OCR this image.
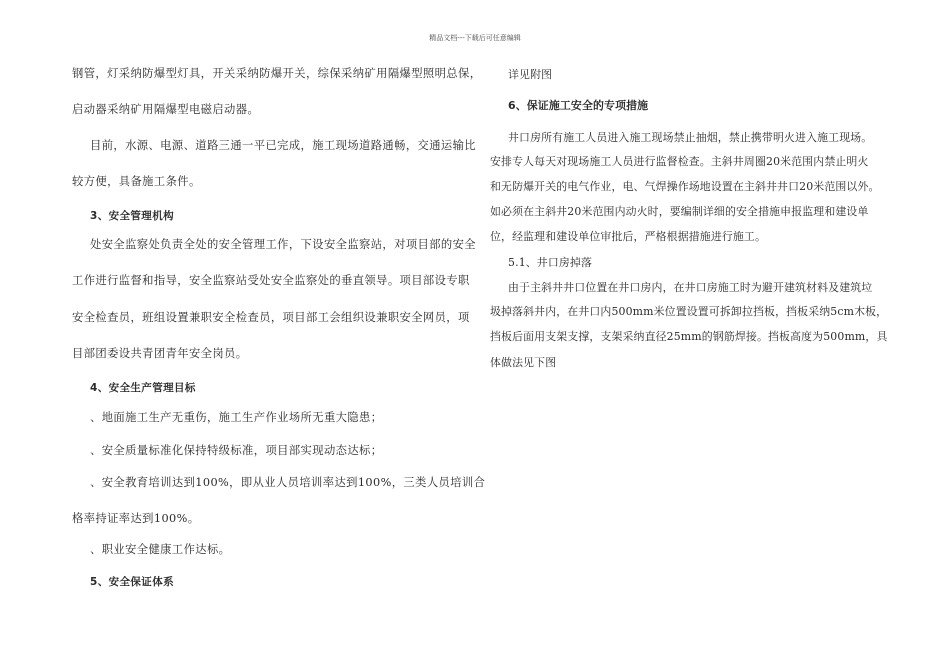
精品文档---下载后可任意编辑
钢管，灯采纳防爆型灯具，开关采纳防爆开关，综保采纳矿用隔爆型照明总保，
启动器采纳矿用隔爆型电磁启动器。
目前，水源、电源、道路三通一平已完成，施工现场道路通畅，交通运输比
较方便，具备施工条件。
3、安全管理机构
处安全监察处负责全处的安全管理工作，下设安全监察站，对项目部的安全
工作进行监督和指导，安全监察站受处安全监察处的垂直领导。项目部设专职
安全检查员，班组设置兼职安全检查员，项目部工会组织设兼职安全网员，项
目部团委设共青团青年安全岗员。
4、安全生产管理目标
、地面施工生产无重伤，施工生产作业场所无重大隐患；
、安全质量标准化保持特级标准，项目部实现动态达标；
、安全教育培训达到100%，即从业人员培训率达到100%，三类人员培训合
格率持证率达到100%。
、职业安全健康工作达标。
5、安全保证体系
详见附图
6、保证施工安全的专项措施
井口房所有施工人员进入施工现场禁止抽烟，禁止携带明火进入施工现场。
安排专人每天对现场施工人员进行监督检查。主斜井周圈20米范围内禁止明火
和无防爆开关的电气作业，电、气焊操作场地设置在主斜井井口20米范围以外。
如必须在主斜井20米范围内动火时，要编制详细的安全措施申报监理和建设单
位，经监理和建设单位审批后，严格根据措施进行施工。
5.1、井口房掉落
由于主斜井井口位置在井口房内，在井口房施工时为避开建筑材料及建筑垃
圾掉落斜井内，在井口内500mm米位置设置可拆卸拉挡板，挡板采纳5cm木板，
挡板后面用支架支撑，支架采纳直径25mm的钢筋焊接。挡板高度为500mm，具
体做法见下图
